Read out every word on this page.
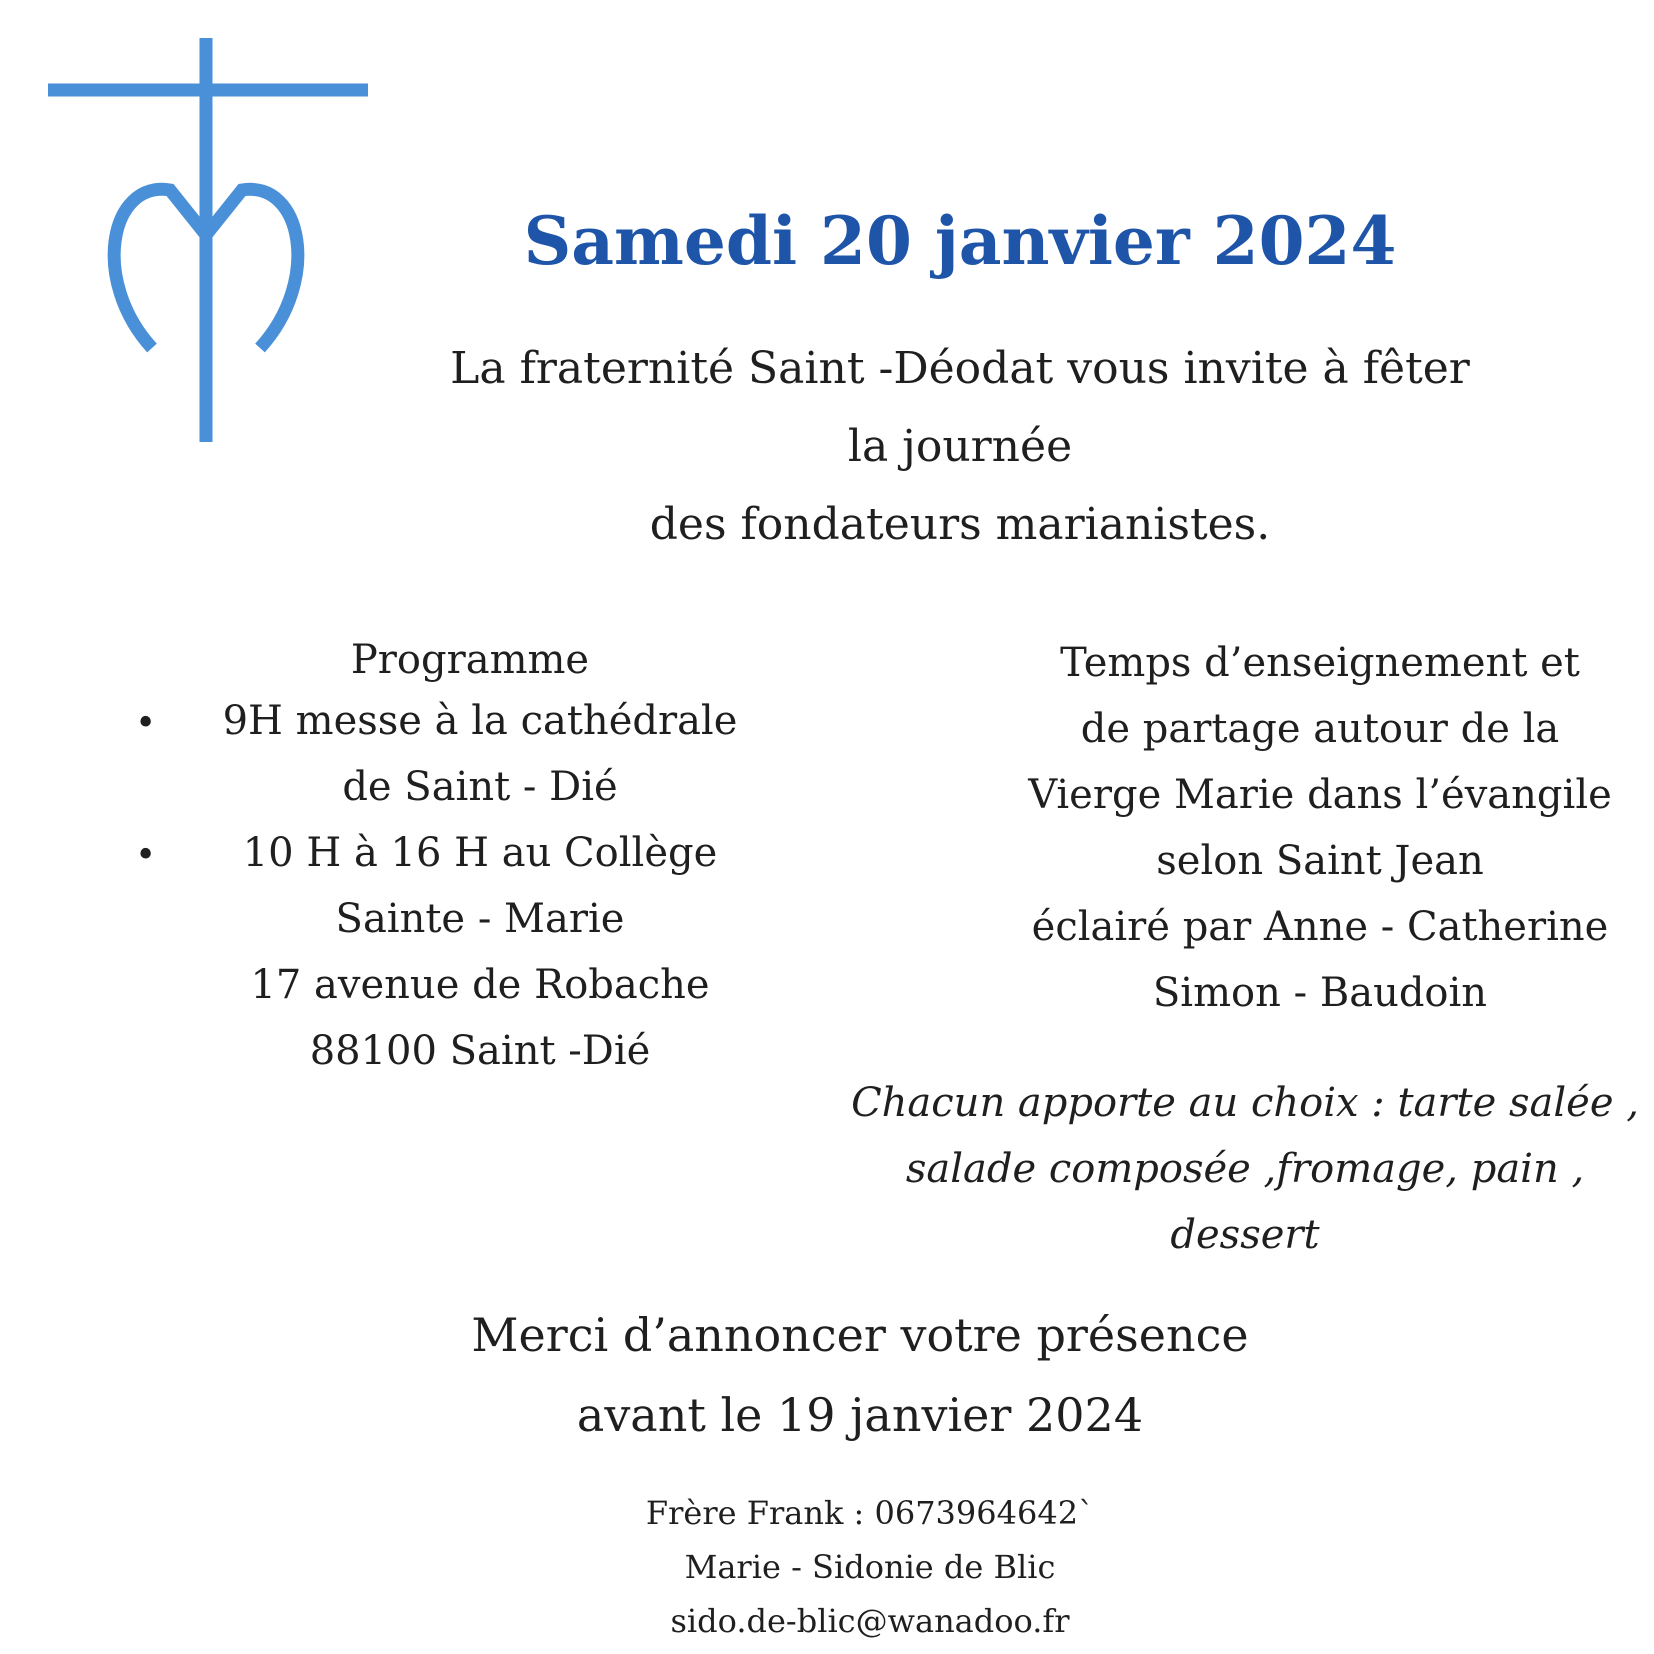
Samedi 20 janvier 2024
La fraternité Saint -Déodat vous invite à fêter
la journée
des fondateurs marianistes.
Programme
•
•
9H messe à la cathédrale
de Saint - Dié
10 H à 16 H au Collège
Sainte - Marie
17 avenue de Robache
88100 Saint -Dié
Temps d’enseignement et
de partage autour de la
Vierge Marie dans l’évangile
selon Saint Jean
éclairé par Anne - Catherine
Simon - Baudoin
Chacun apporte au choix : tarte salée ,
salade composée ,fromage, pain ,
dessert
Merci d’annoncer votre présence
avant le 19 janvier 2024
Frère Frank : 0673964642`
Marie - Sidonie de Blic
sido.de-blic@wanadoo.fr
